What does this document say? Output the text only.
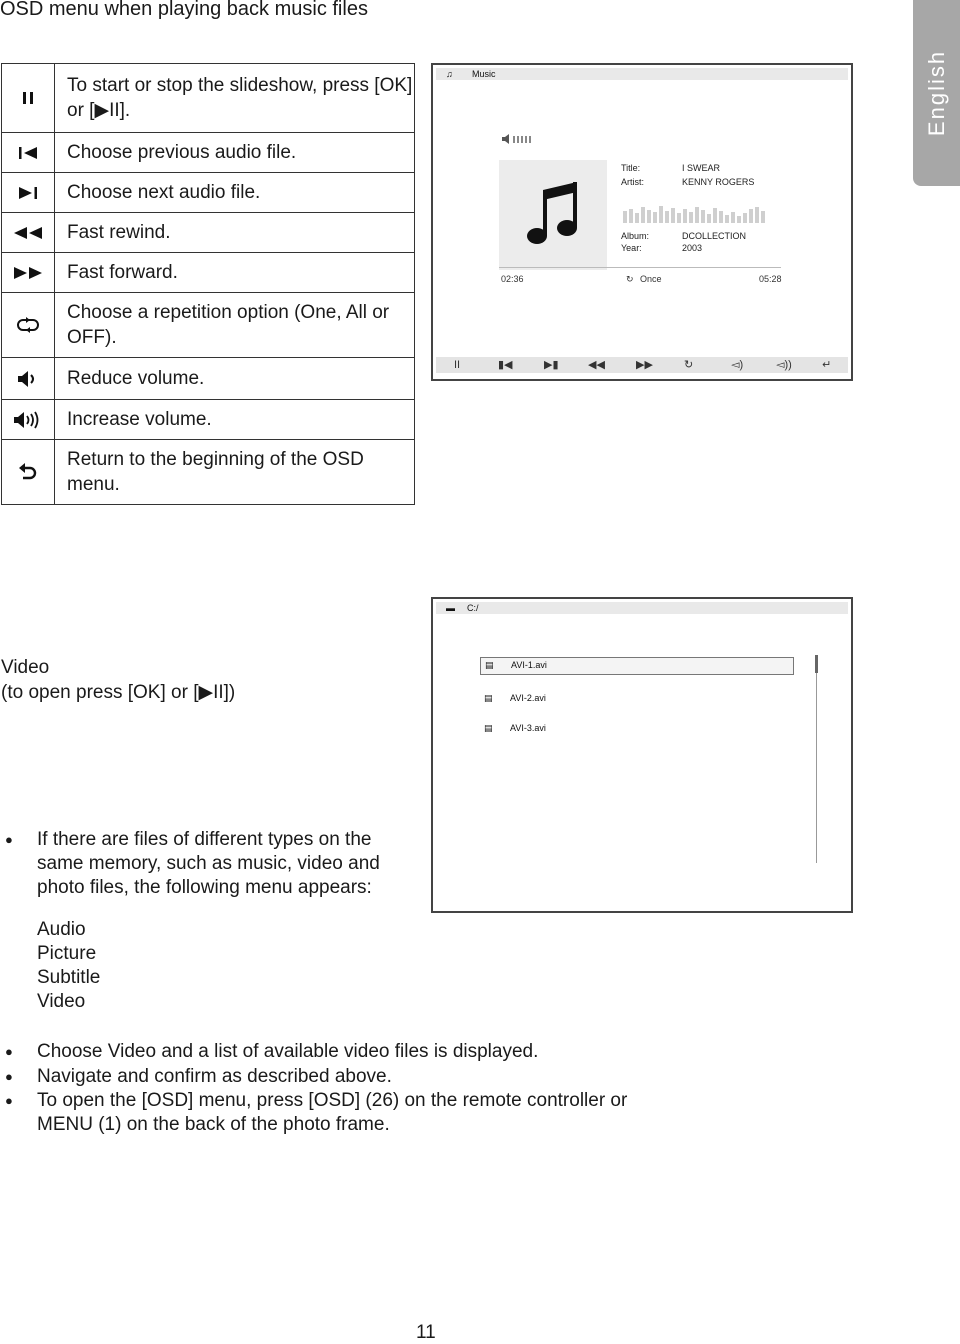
OSD menu when playing back music files
English
	To start or stop the slideshow, press [OK] or [▶II].

	Choose previous audio file.

	Choose next audio file.

	Fast rewind.

	Fast forward.

	Choose a repetition option (One, All or OFF).

	Reduce volume.

	Increase volume.

	Return to the beginning of the OSD menu.
♫ Music
Title:	I SWEAR
Artist:	KENNY ROGERS
Album:	DCOLLECTION
Year:	2003
02:36	↻ Once	05:28
II	▮◀	▶▮	◀◀	▶▶	↻	◅)	◅))	↵
Video
(to open press [OK] or [▶II])
▬ C:/
▤ AVI-1.avi
▤ AVI-2.avi
▤ AVI-3.avi
● If there are files of different types on the
same memory, such as music, video and
photo files, the following menu appears:
Audio
Picture
Subtitle
Video
● Choose Video and a list of available video files is displayed.
● Navigate and confirm as described above.
● To open the [OSD] menu, press [OSD] (26) on the remote controller or
MENU (1) on the back of the photo frame.
11
